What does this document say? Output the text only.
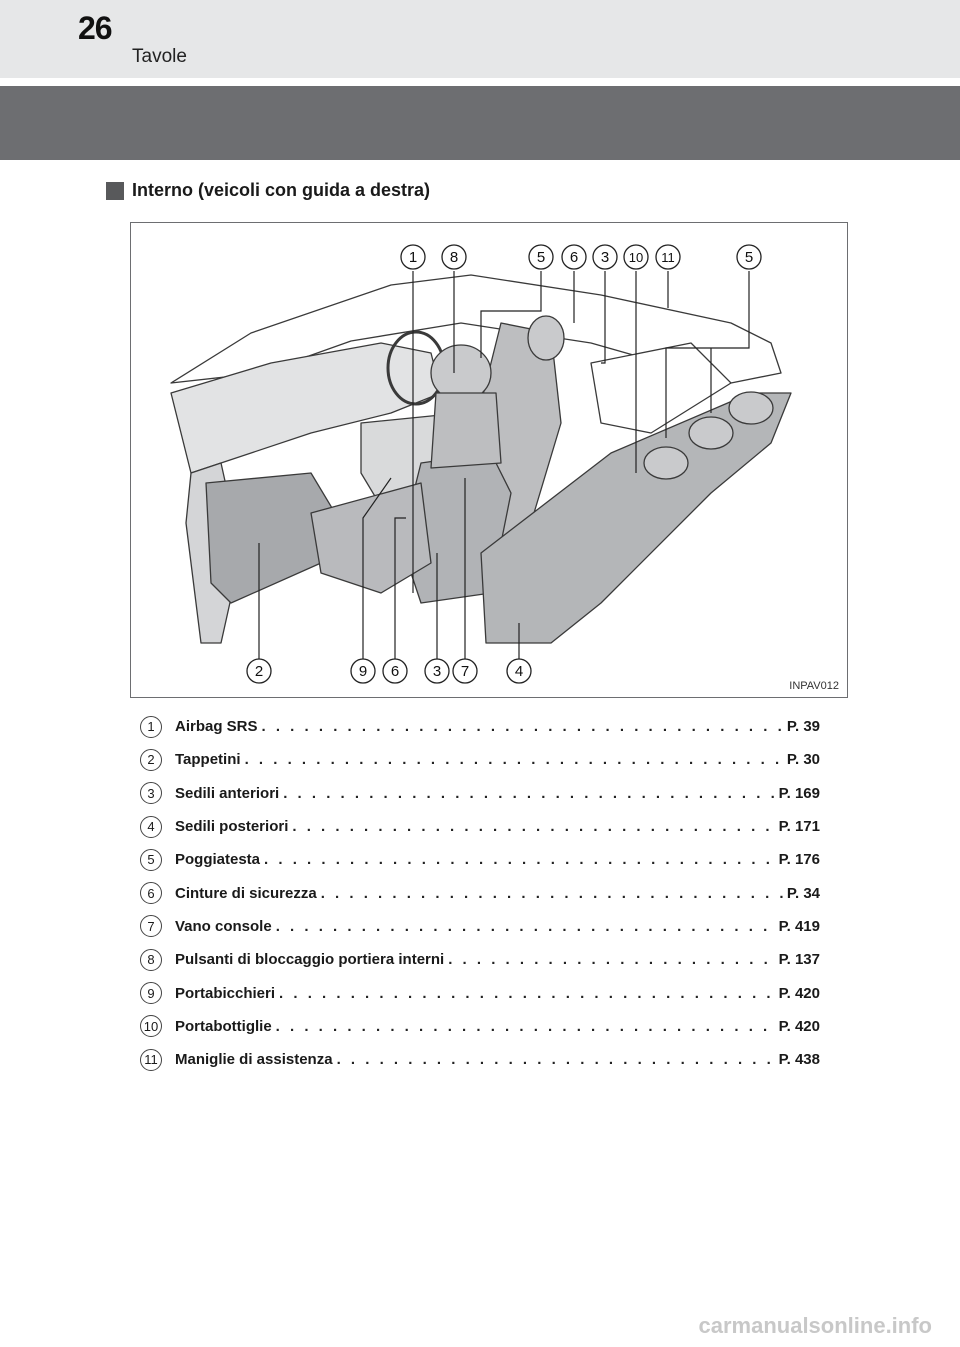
26
Tavole
Interno (veicoli con guida a destra)
1 8	5 6 3 10 11	5
2	9 6 3 7	4
INPAV012
1	Airbag SRS . . .	P. 39
2	Tappetini . . .	P. 30
3	Sedili anteriori . . .	P. 169
4	Sedili posteriori . . .	P. 171
5	Poggiatesta . . .	P. 176
6	Cinture di sicurezza . . .	P. 34
7	Vano console . . .	P. 419
8	Pulsanti di bloccaggio portiera interni . . .	P. 137
9	Portabicchieri . . .	P. 420
10 Portabottiglie . . .	P. 420
11 Maniglie di assistenza . . .	P. 438
carmanualsonline.info
